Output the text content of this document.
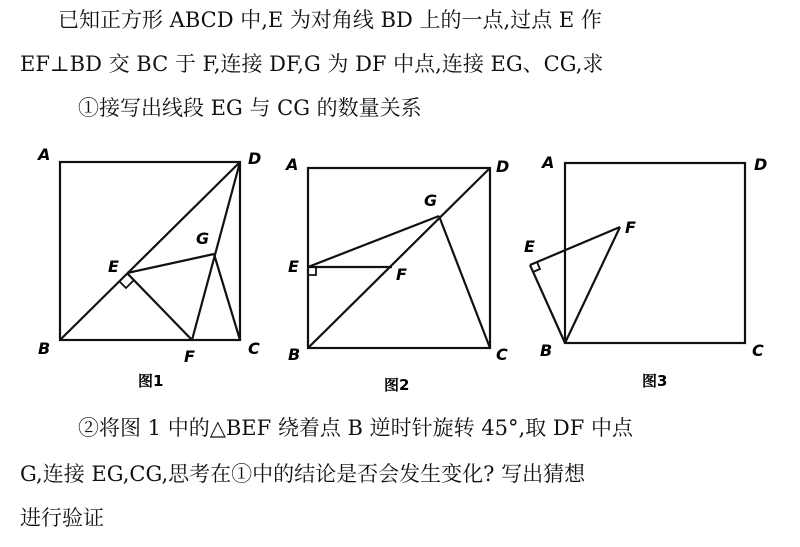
已知正方形 ABCD 中,E 为对角线 BD 上的一点,过点 E 作
EF⊥BD 交 BC 于 F,连接 DF,G 为 DF 中点,连接 EG、CG,求
①接写出线段 EG 与 CG 的数量关系
A	D
B	C
E
F
G
图1
A	D
B	C
E	F
G
图2
A	D
B	C
E
F
图3
②将图 1 中的△BEF 绕着点 B 逆时针旋转 45°,取 DF 中点
G,连接 EG,CG,思考在①中的结论是否会发生变化? 写出猜想
进行验证
